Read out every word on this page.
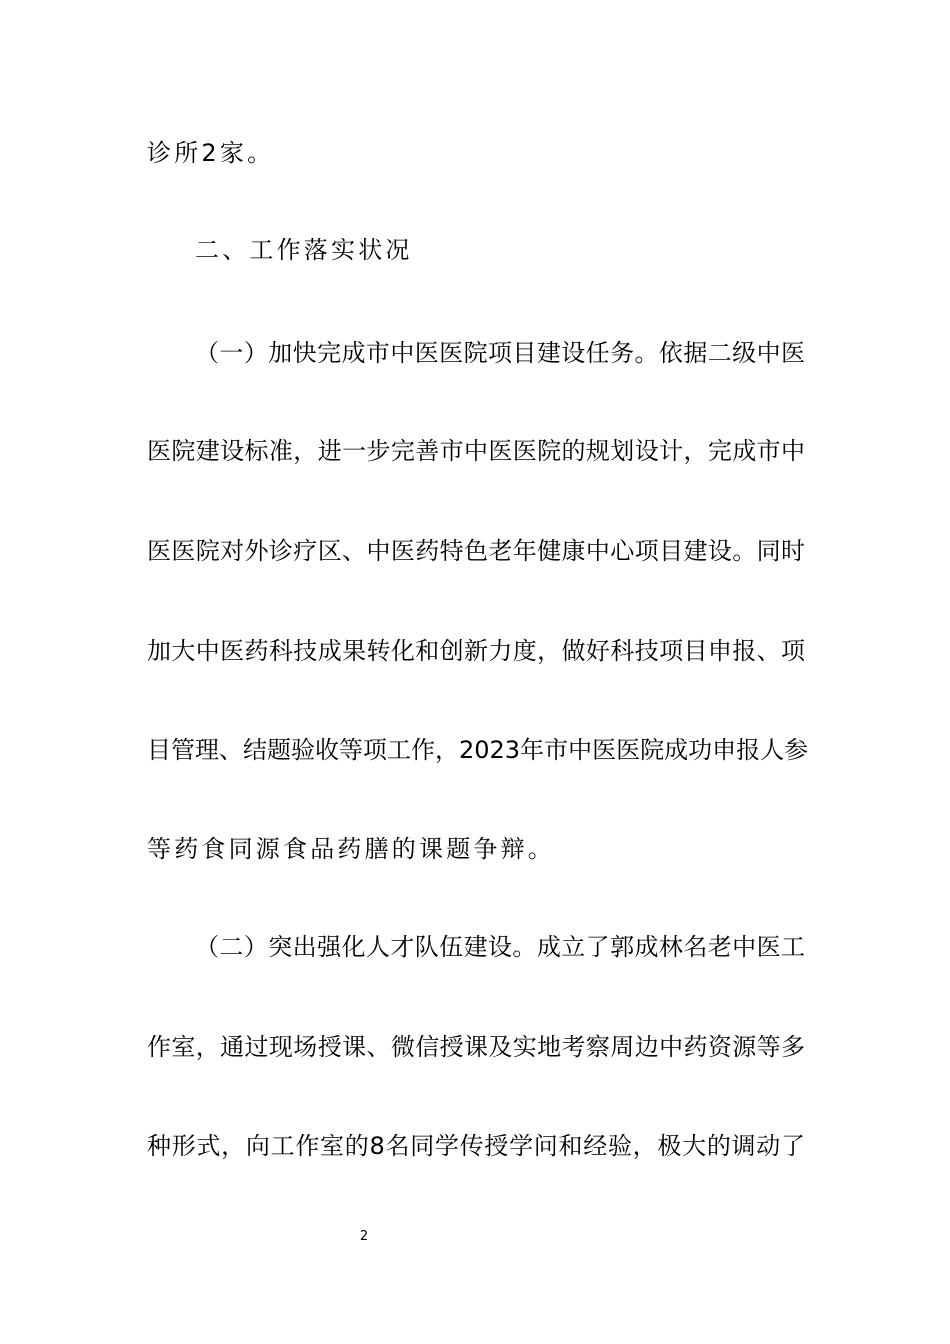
诊所2家。
二、工作落实状况
（一）加快完成市中医医院项目建设任务。依据二级中医
医院建设标准，进一步完善市中医医院的规划设计，完成市中
医医院对外诊疗区、中医药特色老年健康中心项目建设。同时
加大中医药科技成果转化和创新力度，做好科技项目申报、项
目管理、结题验收等项工作，2023年市中医医院成功申报人参
等药食同源食品药膳的课题争辩。
（二）突出强化人才队伍建设。成立了郭成林名老中医工
作室，通过现场授课、微信授课及实地考察周边中药资源等多
种形式，向工作室的8名同学传授学问和经验，极大的调动了
2
